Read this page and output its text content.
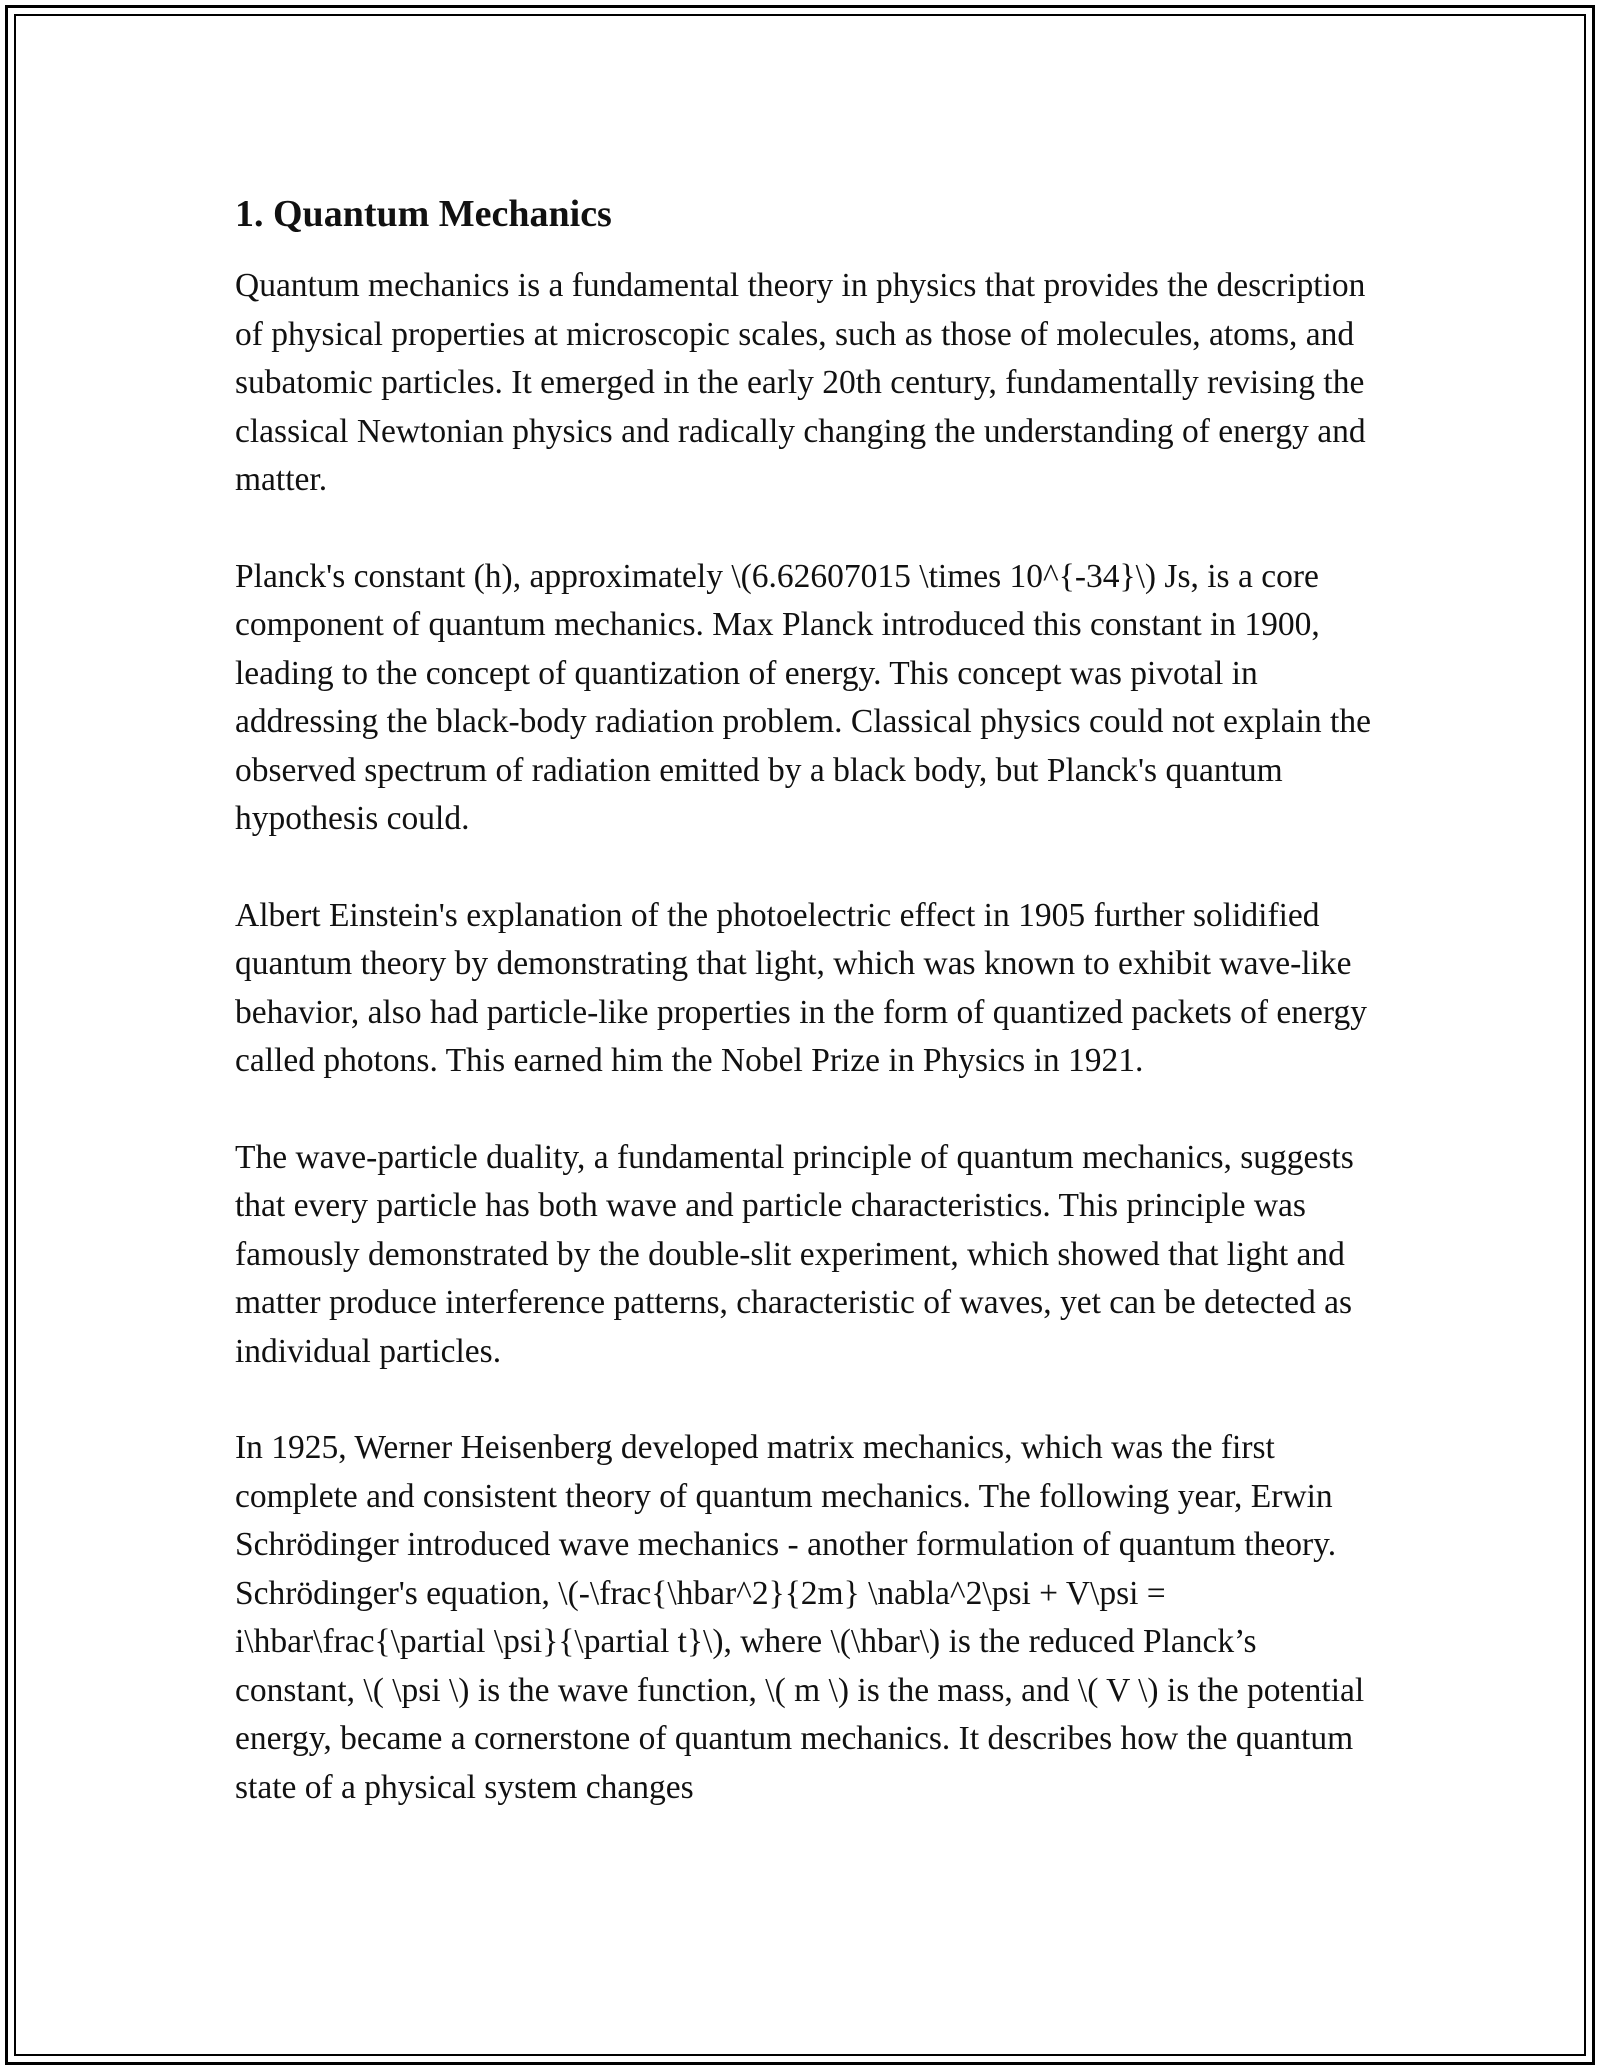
1. Quantum Mechanics

Quantum mechanics is a fundamental theory in physics that provides the description of physical properties at microscopic scales, such as those of molecules, atoms, and subatomic particles. It emerged in the early 20th century, fundamentally revising the classical Newtonian physics and radically changing the understanding of energy and matter.

Planck's constant (h), approximately \(6.62607015 \times 10^{-34}\) Js, is a core component of quantum mechanics. Max Planck introduced this constant in 1900, leading to the concept of quantization of energy. This concept was pivotal in addressing the black-body radiation problem. Classical physics could not explain the observed spectrum of radiation emitted by a black body, but Planck's quantum hypothesis could.

Albert Einstein's explanation of the photoelectric effect in 1905 further solidified quantum theory by demonstrating that light, which was known to exhibit wave-like behavior, also had particle-like properties in the form of quantized packets of energy called photons. This earned him the Nobel Prize in Physics in 1921.

The wave-particle duality, a fundamental principle of quantum mechanics, suggests that every particle has both wave and particle characteristics. This principle was famously demonstrated by the double-slit experiment, which showed that light and matter produce interference patterns, characteristic of waves, yet can be detected as individual particles.

In 1925, Werner Heisenberg developed matrix mechanics, which was the first complete and consistent theory of quantum mechanics. The following year, Erwin Schrödinger introduced wave mechanics - another formulation of quantum theory. Schrödinger's equation, \(-\frac{\hbar^2}{2m} \nabla^2\psi + V\psi = i\hbar\frac{\partial \psi}{\partial t}\), where \(\hbar\) is the reduced Planck’s constant, \( \psi \) is the wave function, \( m \) is the mass, and \( V \) is the potential energy, became a cornerstone of quantum mechanics. It describes how the quantum state of a physical system changes
